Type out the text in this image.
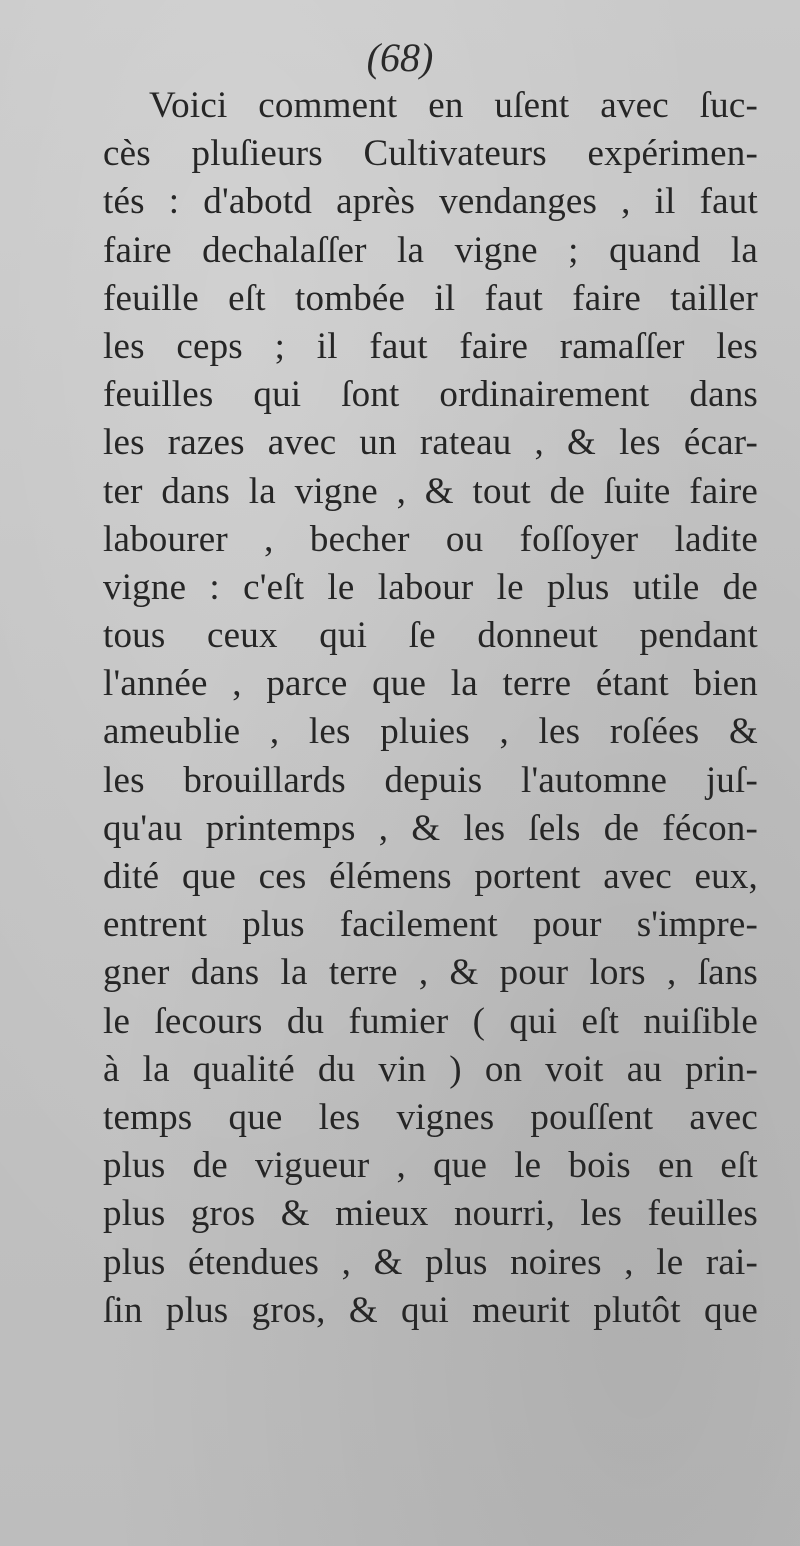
(68)
Voici comment en uſent avec ſuc-
cès pluſieurs Cultivateurs expérimen-
tés : d'abotd après vendanges , il faut
faire dechalaſſer la vigne ; quand la
feuille eſt tombée il faut faire tailler
les ceps ; il faut faire ramaſſer les
feuilles qui ſont ordinairement dans
les razes avec un rateau , & les écar-
ter dans la vigne , & tout de ſuite faire
labourer , becher ou foſſoyer ladite
vigne : c'eſt le labour le plus utile de
tous ceux qui ſe donneut pendant
l'année , parce que la terre étant bien
ameublie , les pluies , les roſées &
les brouillards depuis l'automne juſ-
qu'au printemps , & les ſels de fécon-
dité que ces élémens portent avec eux,
entrent plus facilement pour s'impre-
gner dans la terre , & pour lors , ſans
le ſecours du fumier ( qui eſt nuiſible
à la qualité du vin ) on voit au prin-
temps que les vignes pouſſent avec
plus de vigueur , que le bois en eſt
plus gros & mieux nourri, les feuilles
plus étendues , & plus noires , le rai-
ſin plus gros, & qui meurit plutôt que
